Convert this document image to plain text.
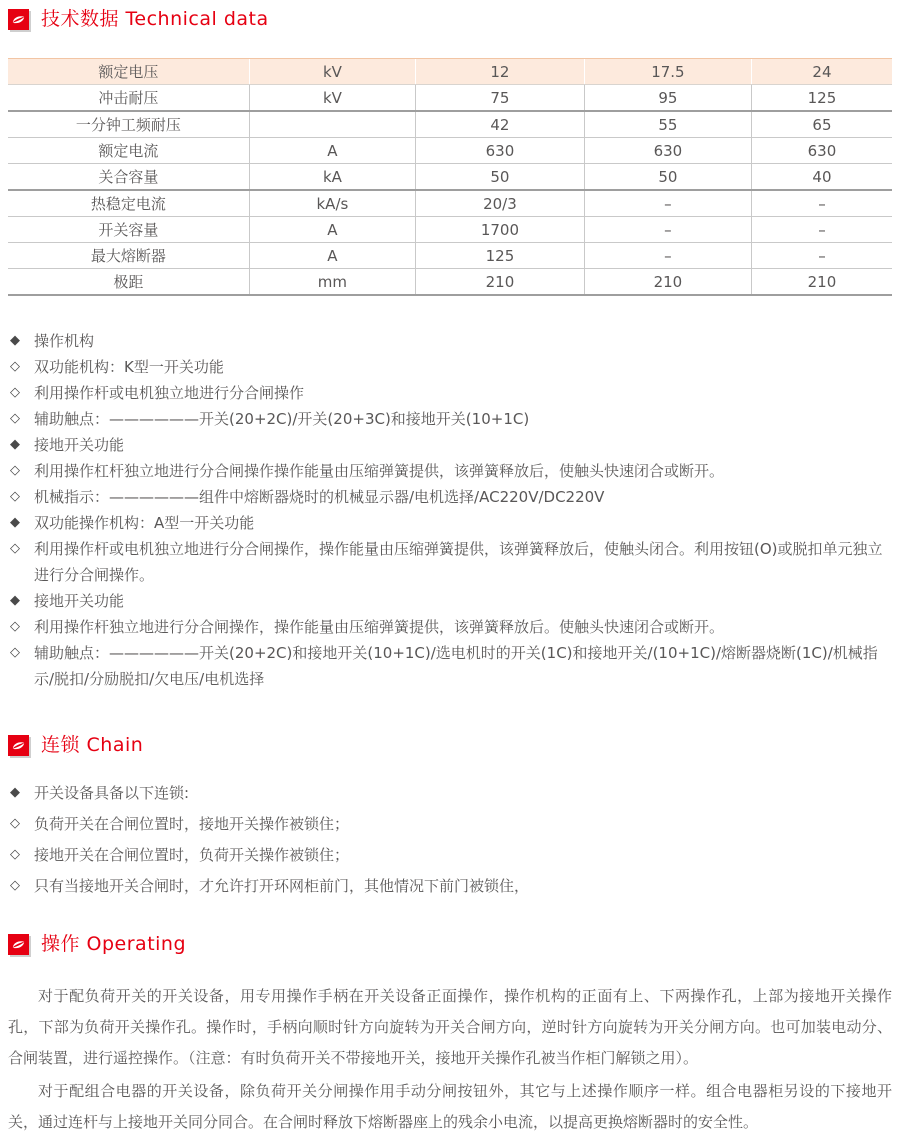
技术数据 Technical data
额定电压	kV	12	17.5	24
冲击耐压	kV	75	95	125
一分钟工频耐压		42	55	65
额定电流	A	630	630	630
关合容量	kA	50	50	40
热稳定电流	kA/s	20/3	–	–
开关容量	A	1700	–	–
最大熔断器	A	125	–	–
极距	mm	210	210	210
◆ 操作机构
◇ 双功能机构：K型一开关功能
◇ 利用操作杆或电机独立地进行分合闸操作
◇ 辅助触点：——————开关(20+2C)/开关(20+3C)和接地开关(10+1C)
◆ 接地开关功能
◇ 利用操作杠杆独立地进行分合闸操作操作能量由压缩弹簧提供，该弹簧释放后，使触头快速闭合或断开。
◇ 机械指示：——————组件中熔断器烧时的机械显示器/电机选择/AC220V/DC220V
◆ 双功能操作机构：A型一开关功能
◇ 利用操作杆或电机独立地进行分合闸操作，操作能量由压缩弹簧提供，该弹簧释放后，使触头闭合。利用按钮(O)或脱扣单元独立进行分合闸操作。
◆ 接地开关功能
◇ 利用操作杆独立地进行分合闸操作，操作能量由压缩弹簧提供，该弹簧释放后。使触头快速闭合或断开。
◇ 辅助触点：——————开关(20+2C)和接地开关(10+1C)/选电机时的开关(1C)和接地开关/(10+1C)/熔断器烧断(1C)/机械指示/脱扣/分励脱扣/欠电压/电机选择
连锁 Chain
◆ 开关设备具备以下连锁:
◇ 负荷开关在合闸位置时，接地开关操作被锁住；
◇ 接地开关在合闸位置时，负荷开关操作被锁住；
◇ 只有当接地开关合闸时，才允许打开环网柜前门，其他情况下前门被锁住，
操作 Operating

对于配负荷开关的开关设备，用专用操作手柄在开关设备正面操作，操作机构的正面有上、下两操作孔，上部为接地开关操作孔，下部为负荷开关操作孔。操作时，手柄向顺时针方向旋转为开关合闸方向，逆时针方向旋转为开关分闸方向。也可加装电动分、合闸装置，进行遥控操作。（注意：有时负荷开关不带接地开关，接地开关操作孔被当作柜门解锁之用）。

对于配组合电器的开关设备，除负荷开关分闸操作用手动分闸按钮外，其它与上述操作顺序一样。组合电器柜另设的下接地开关，通过连杆与上接地开关同分同合。在合闸时释放下熔断器座上的残余小电流，以提高更换熔断器时的安全性。
